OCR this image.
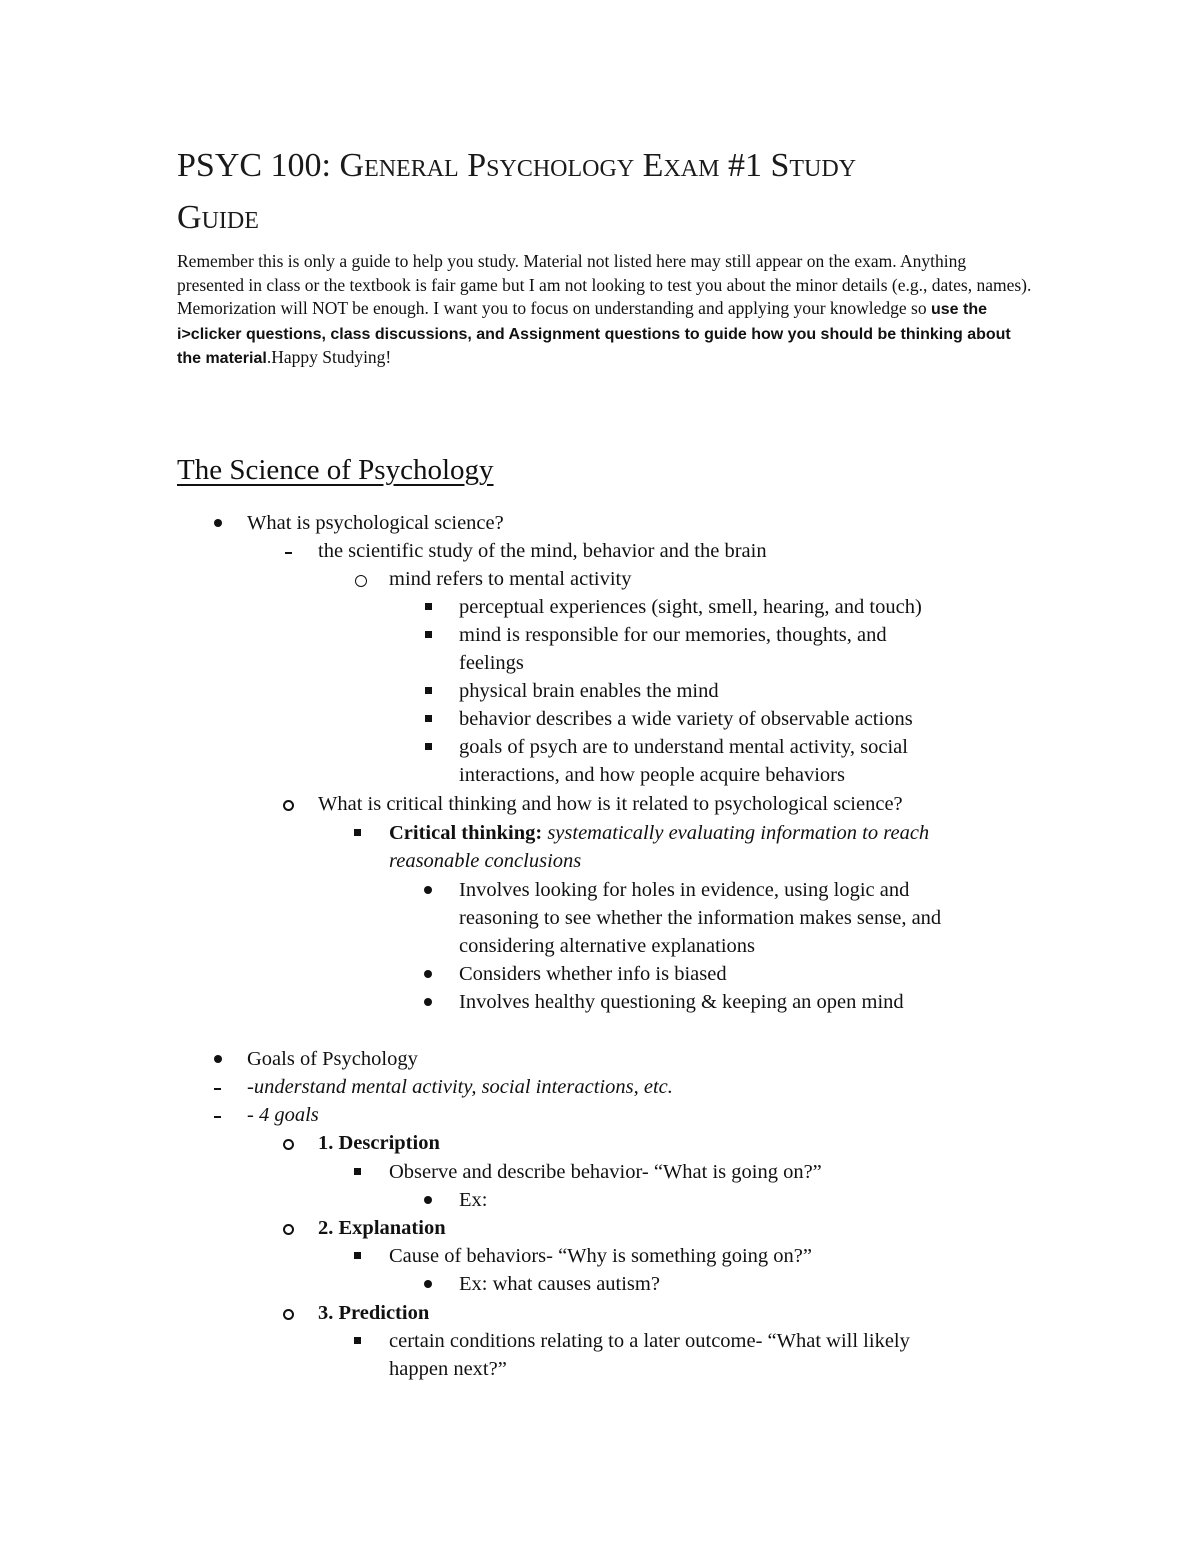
PSYC 100: General Psychology Exam #1 Study
Guide

Remember this is only a guide to help you study. Material not listed here may still appear on the exam. Anything presented in class or the textbook is fair game but I am not looking to test you about the minor details (e.g., dates, names). Memorization will NOT be enough. I want you to focus on understanding and applying your knowledge so use the i>clicker questions, class discussions, and Assignment questions to guide how you should be thinking about the material.Happy Studying!

The Science of Psychology
What is psychological science?
the scientific study of the mind, behavior and the brain
mind refers to mental activity
perceptual experiences (sight, smell, hearing, and touch)
mind is responsible for our memories, thoughts, and
feelings
physical brain enables the mind
behavior describes a wide variety of observable actions
goals of psych are to understand mental activity, social
interactions, and how people acquire behaviors
What is critical thinking and how is it related to psychological science?
Critical thinking: systematically evaluating information to reach
reasonable conclusions
Involves looking for holes in evidence, using logic and
reasoning to see whether the information makes sense, and
considering alternative explanations
Considers whether info is biased
Involves healthy questioning & keeping an open mind
Goals of Psychology
-understand mental activity, social interactions, etc.
- 4 goals
1. Description
Observe and describe behavior- “What is going on?”
Ex:
2. Explanation
Cause of behaviors- “Why is something going on?”
Ex: what causes autism?
3. Prediction
certain conditions relating to a later outcome- “What will likely
happen next?”
